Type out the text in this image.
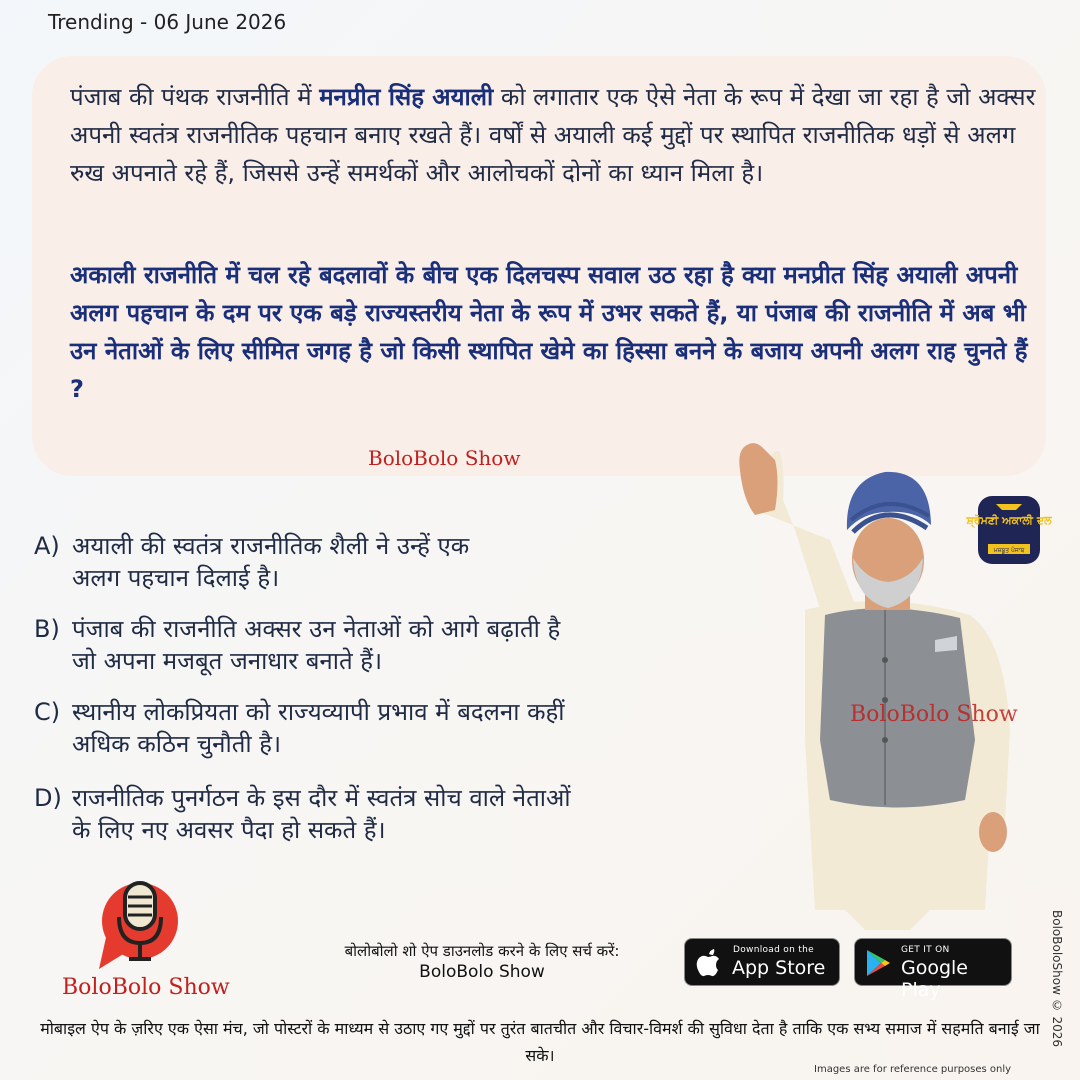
Trending - 06 June 2026
पंजाब की पंथक राजनीति में मनप्रीत सिंह अयाली को लगातार एक ऐसे नेता के रूप में देखा जा रहा है जो अक्सर अपनी स्वतंत्र राजनीतिक पहचान बनाए रखते हैं। वर्षों से अयाली कई मुद्दों पर स्थापित राजनीतिक धड़ों से अलग रुख अपनाते रहे हैं, जिससे उन्हें समर्थकों और आलोचकों दोनों का ध्यान मिला है।
अकाली राजनीति में चल रहे बदलावों के बीच एक दिलचस्प सवाल उठ रहा है क्या मनप्रीत सिंह अयाली अपनी अलग पहचान के दम पर एक बड़े राज्यस्तरीय नेता के रूप में उभर सकते हैं, या पंजाब की राजनीति में अब भी उन नेताओं के लिए सीमित जगह है जो किसी स्थापित खेमे का हिस्सा बनने के बजाय अपनी अलग राह चुनते हैं ?
BoloBolo Show
A) अयाली की स्वतंत्र राजनीतिक शैली ने उन्हें एक
अलग पहचान दिलाई है।
B) पंजाब की राजनीति अक्सर उन नेताओं को आगे बढ़ाती है
जो अपना मजबूत जनाधार बनाते हैं।
C) स्थानीय लोकप्रियता को राज्यव्यापी प्रभाव में बदलना कहीं
अधिक कठिन चुनौती है।
D) राजनीतिक पुनर्गठन के इस दौर में स्वतंत्र सोच वाले नेताओं
के लिए नए अवसर पैदा हो सकते हैं।
BoloBolo Show
ਸ਼੍ਰੋਮਣੀ ਅਕਾਲੀ ਦਲ
ਮਜ਼ਬੂਤ ਪੰਜਾਬ
BoloBolo Show
बोलोबोलो शो ऐप डाउनलोड करने के लिए सर्च करें:
BoloBolo Show
Download on the
App Store
GET IT ON
Google Play
मोबाइल ऐप के ज़रिए एक ऐसा मंच, जो पोस्टरों के माध्यम से उठाए गए मुद्दों पर तुरंत बातचीत और विचार-विमर्श की सुविधा देता है ताकि एक सभ्य समाज में सहमति बनाई जा सके।
Images are for reference purposes only
BoloBoloShow © 2026
